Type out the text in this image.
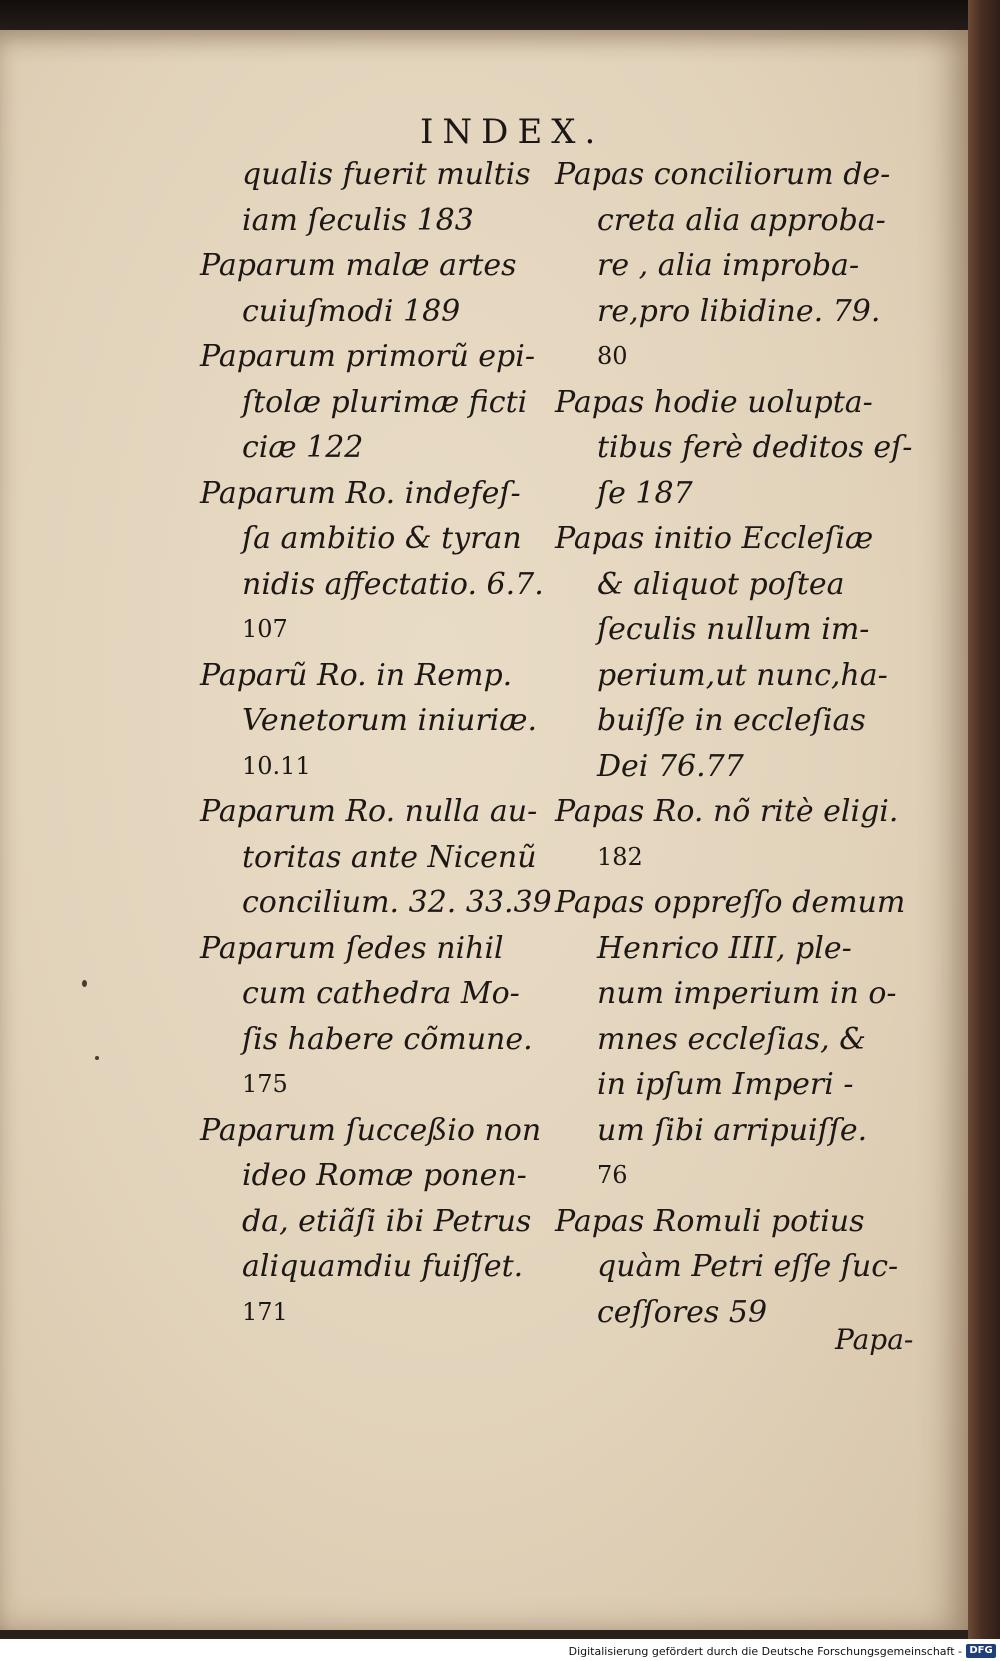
INDEX.
qualis fuerit multis
iam ſeculis 183
Paparum malæ artes
cuiuſmodi 189
Paparum primorũ epi-
ſtolæ plurimæ ficti
ciæ 122
Paparum Ro. indefeſ-
ſa ambitio & tyran
nidis affectatio. 6.7.
107
Paparũ Ro. in Remp.
Venetorum iniuriæ.
10.11
Paparum Ro. nulla au-
toritas ante Nicenũ
concilium. 32. 33.39
Paparum ſedes nihil
cum cathedra Mo-
ſis habere cõmune.
175
Paparum ſucceßio non
ideo Romæ ponen-
da, etiãſi ibi Petrus
aliquamdiu fuiſſet.
171
Papas conciliorum de-
creta alia approba-
re , alia improba-
re,pro libidine. 79.
80
Papas hodie uolupta-
tibus ferè deditos eſ-
ſe 187
Papas initio Eccleſiæ
& aliquot poſtea
ſeculis nullum im-
perium,ut nunc,ha-
buiſſe in eccleſias
Dei 76.77
Papas Ro. nõ ritè eligi.
182
Papas oppreſſo demum
Henrico IIII, ple-
num imperium in o-
mnes eccleſias, &
in ipſum Imperi -
um ſibi arripuiſſe.
76
Papas Romuli potius
quàm Petri eſſe ſuc-
ceſſores 59
Papa-
Digitalisierung gefördert durch die Deutsche Forschungsgemeinschaft - DFG
